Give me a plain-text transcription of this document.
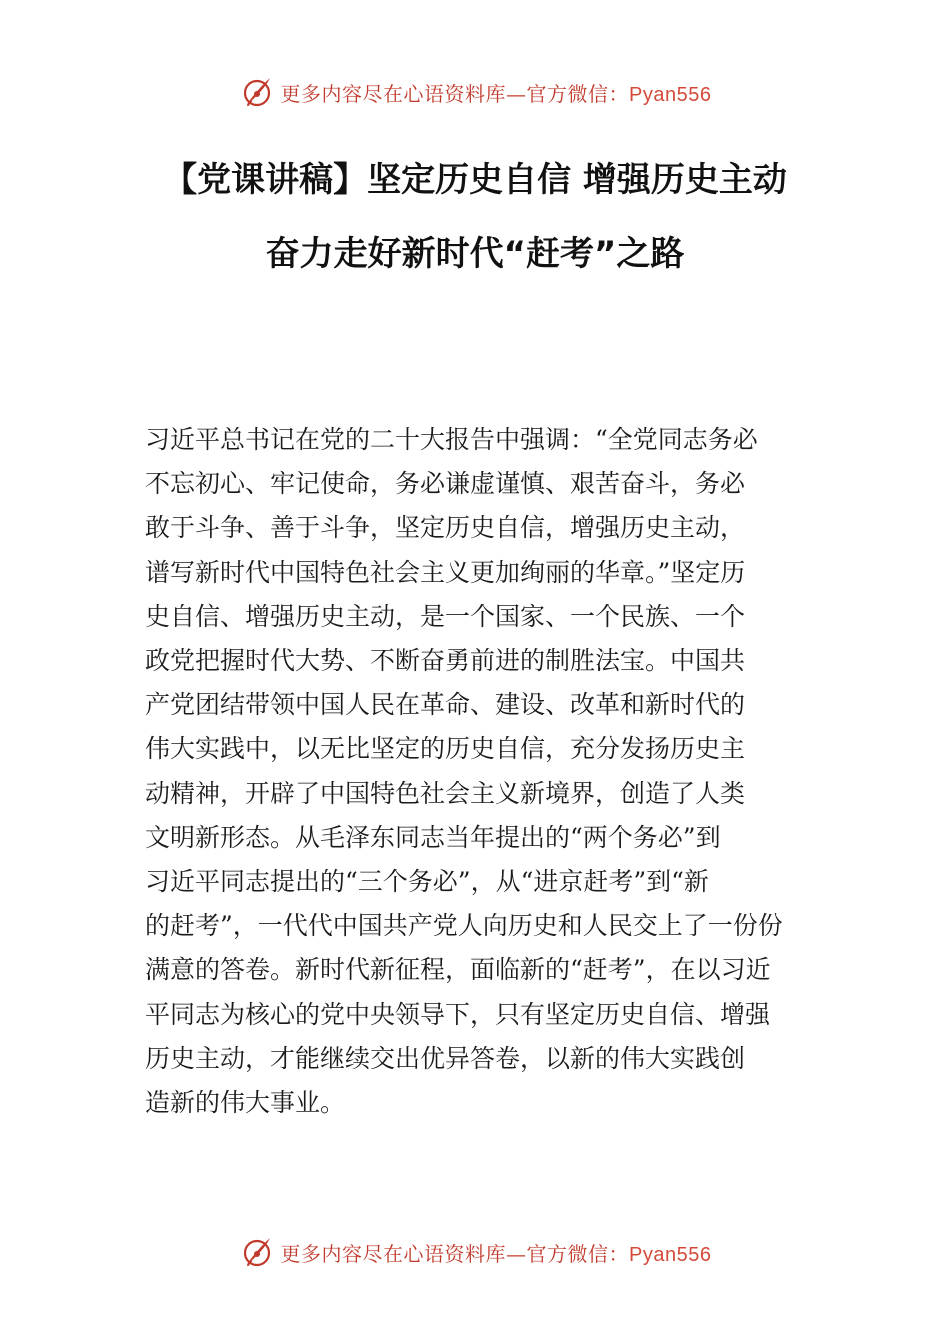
更多内容尽在心语资料库—官方微信：Pyan556
【党课讲稿】坚定历史自信 增强历史主动
奋力走好新时代“赶考”之路
习近平总书记在党的二十大报告中强调：“全党同志务必
不忘初心、牢记使命，务必谦虚谨慎、艰苦奋斗，务必
敢于斗争、善于斗争，坚定历史自信，增强历史主动，
谱写新时代中国特色社会主义更加绚丽的华章。”坚定历
史自信、增强历史主动，是一个国家、一个民族、一个
政党把握时代大势、不断奋勇前进的制胜法宝。中国共
产党团结带领中国人民在革命、建设、改革和新时代的
伟大实践中，以无比坚定的历史自信，充分发扬历史主
动精神，开辟了中国特色社会主义新境界，创造了人类
文明新形态。从毛泽东同志当年提出的“两个务必”到
习近平同志提出的“三个务必”，从“进京赶考”到“新
的赶考”，一代代中国共产党人向历史和人民交上了一份份
满意的答卷。新时代新征程，面临新的“赶考”，在以习近
平同志为核心的党中央领导下，只有坚定历史自信、增强
历史主动，才能继续交出优异答卷，以新的伟大实践创
造新的伟大事业。
更多内容尽在心语资料库—官方微信：Pyan556
